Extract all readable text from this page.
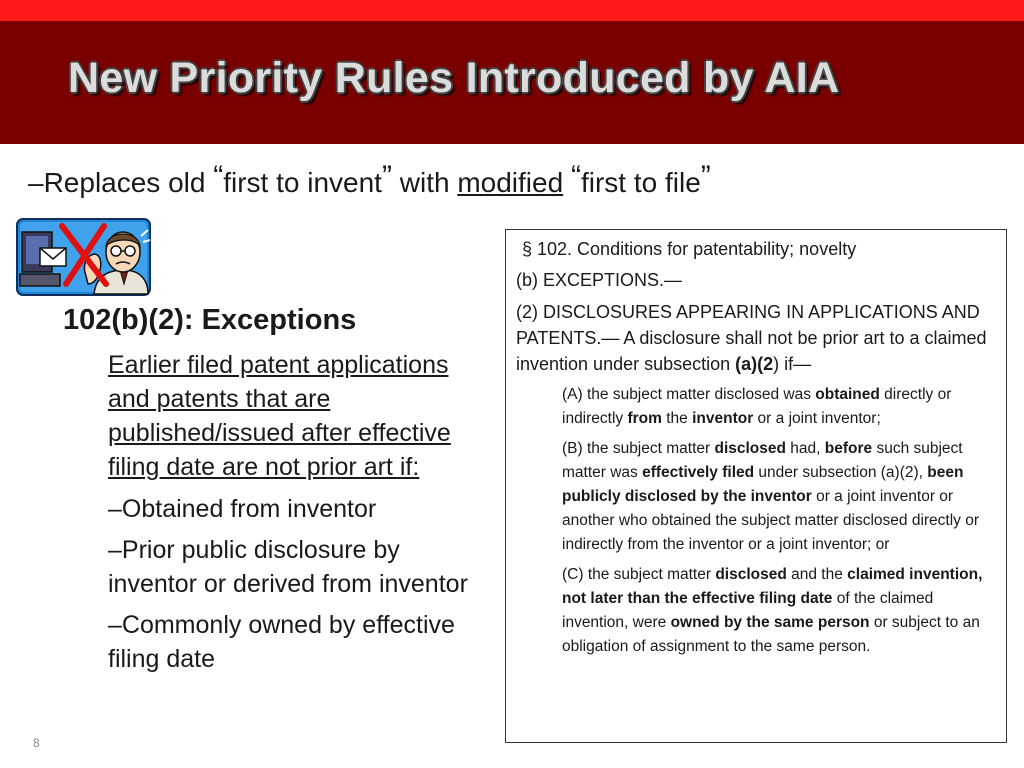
New Priority Rules Introduced by AIA
–Replaces old “first to invent” with modified “first to file”
102(b)(2): Exceptions
Earlier filed patent applications and patents that are published/issued after effective filing date are not prior art if:
–Obtained from inventor
–Prior public disclosure by inventor or derived from inventor
–Commonly owned by effective filing date
8

§ 102. Conditions for patentability; novelty

(b) EXCEPTIONS.—

(2) DISCLOSURES APPEARING IN APPLICATIONS AND PATENTS.— A disclosure shall not be prior art to a claimed invention under subsection (a)(2) if—

(A) the subject matter disclosed was obtained directly or indirectly from the inventor or a joint inventor;

(B) the subject matter disclosed had, before such subject matter was effectively filed under subsection (a)(2), been publicly disclosed by the inventor or a joint inventor or another who obtained the subject matter disclosed directly or indirectly from the inventor or a joint inventor; or

(C) the subject matter disclosed and the claimed invention, not later than the effective filing date of the claimed invention, were owned by the same person or subject to an obligation of assignment to the same person.
